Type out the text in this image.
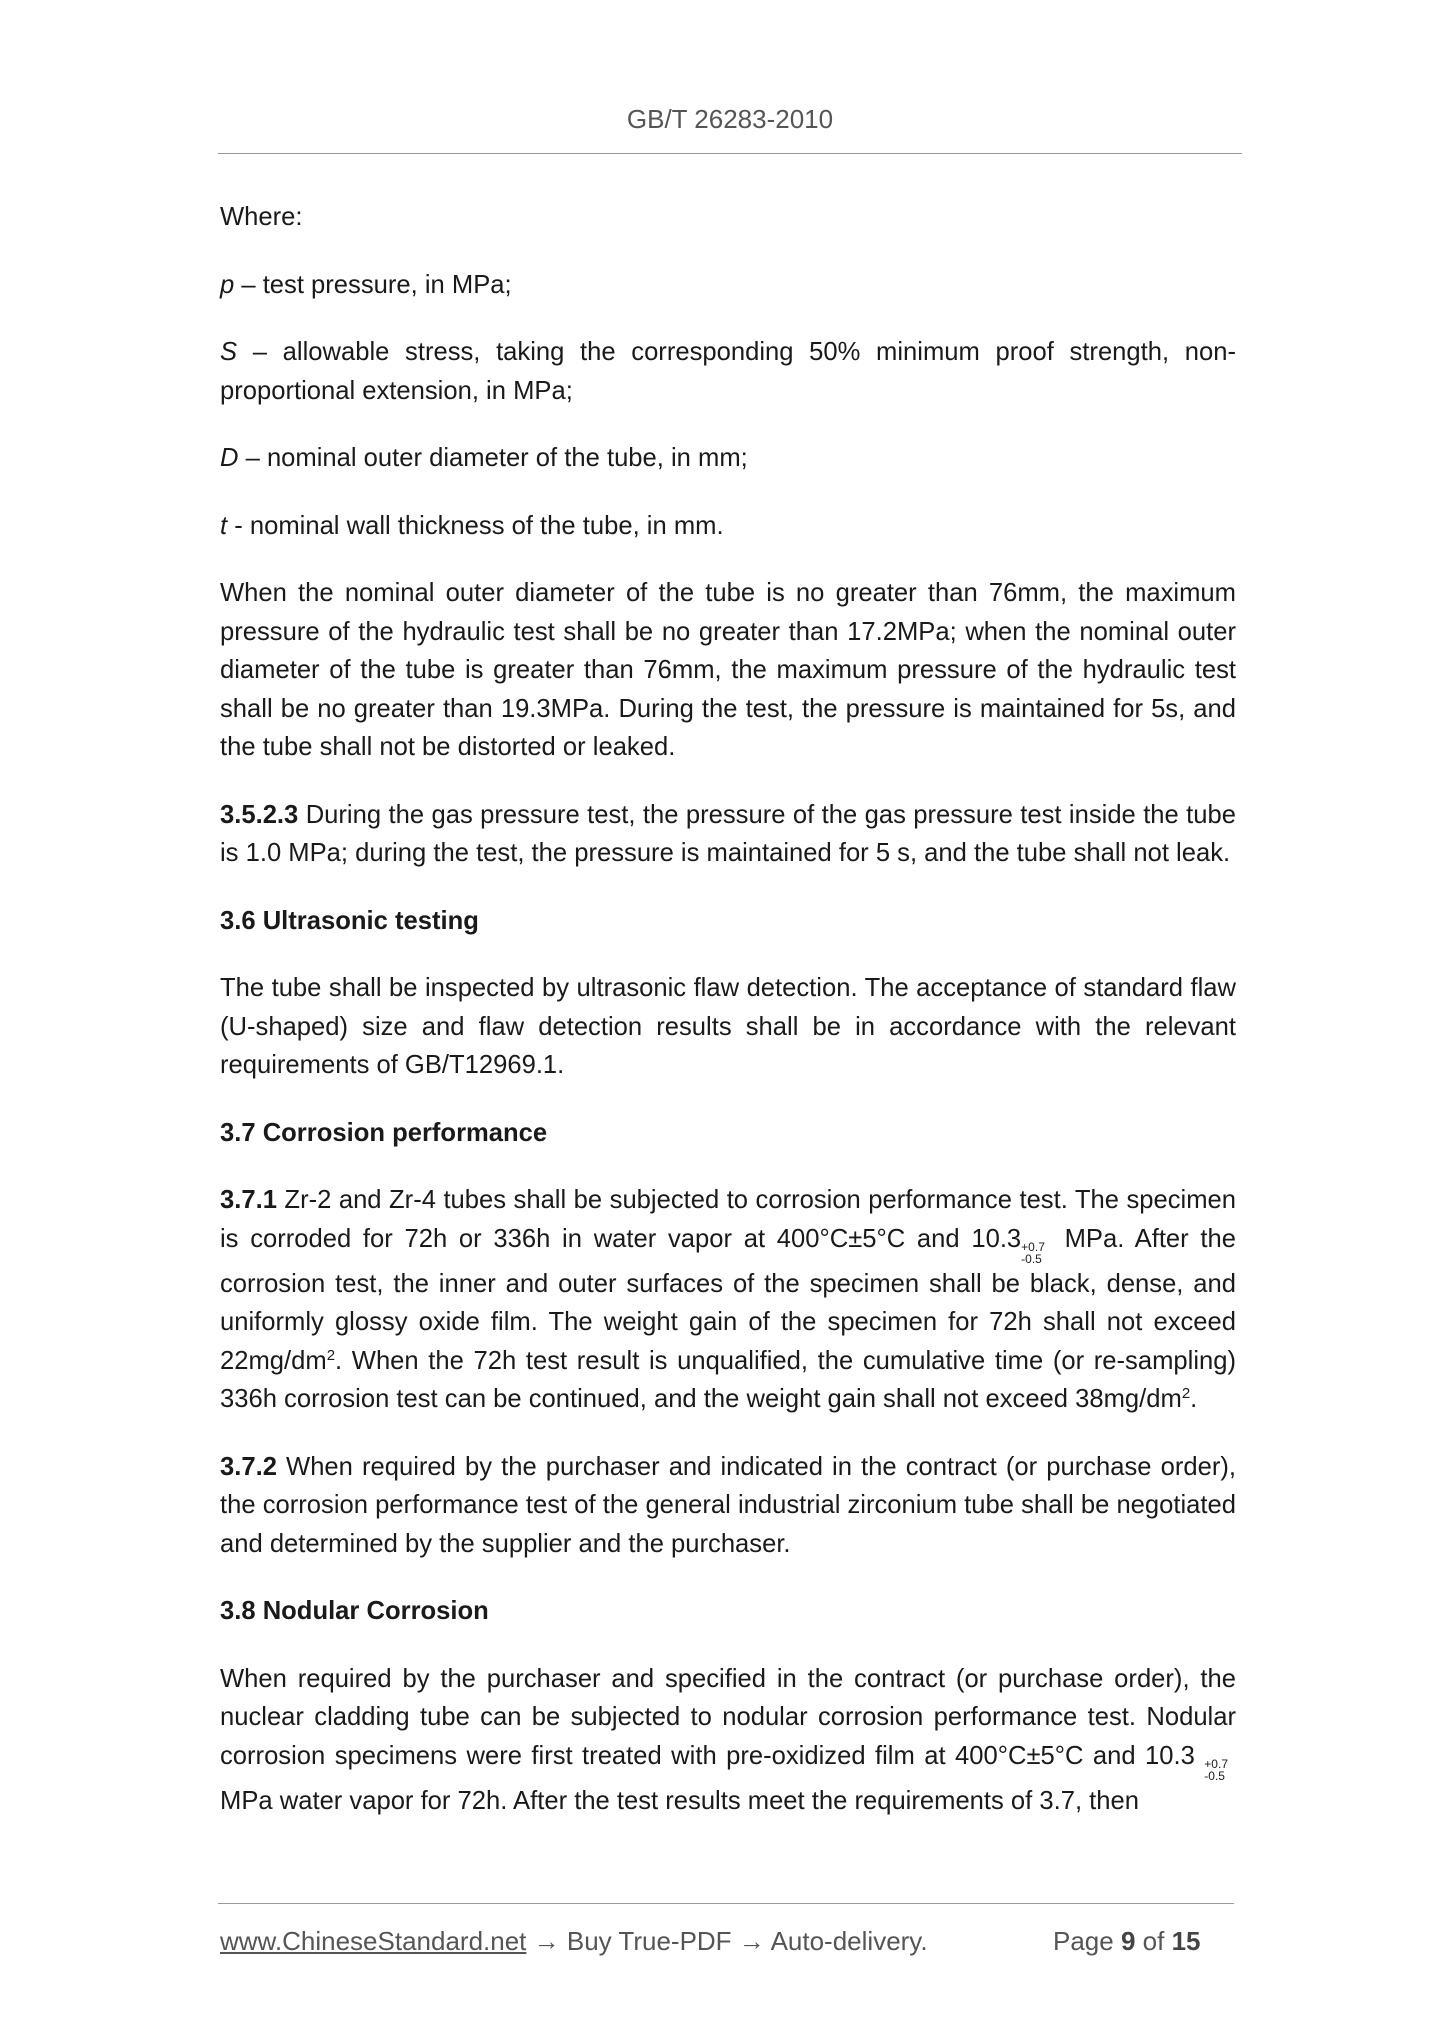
GB/T 26283-2010

Where:

p – test pressure, in MPa;

S – allowable stress, taking the corresponding 50% minimum proof strength, non-proportional extension, in MPa;

D – nominal outer diameter of the tube, in mm;

t - nominal wall thickness of the tube, in mm.

When the nominal outer diameter of the tube is no greater than 76mm, the maximum pressure of the hydraulic test shall be no greater than 17.2MPa; when the nominal outer diameter of the tube is greater than 76mm, the maximum pressure of the hydraulic test shall be no greater than 19.3MPa. During the test, the pressure is maintained for 5s, and the tube shall not be distorted or leaked.

3.5.2.3 During the gas pressure test, the pressure of the gas pressure test inside the tube is 1.0 MPa; during the test, the pressure is maintained for 5 s, and the tube shall not leak.

3.6 Ultrasonic testing

The tube shall be inspected by ultrasonic flaw detection. The acceptance of standard flaw (U-shaped) size and flaw detection results shall be in accordance with the relevant requirements of GB/T12969.1.

3.7 Corrosion performance

3.7.1 Zr-2 and Zr-4 tubes shall be subjected to corrosion performance test. The specimen is corroded for 72h or 336h in water vapor at 400°C±5°C and 10.3 +0.7
-0.5
MPa. After the corrosion test, the inner and outer surfaces of the specimen shall be black, dense, and uniformly glossy oxide film. The weight gain of the specimen for 72h shall not exceed $22mg/dm^2$. When the 72h test result is unqualified, the cumulative time (or re-sampling) 336h corrosion test can be continued, and the weight gain shall not exceed $38mg/dm^2$.

3.7.2 When required by the purchaser and indicated in the contract (or purchase order), the corrosion performance test of the general industrial zirconium tube shall be negotiated and determined by the supplier and the purchaser.

3.8 Nodular Corrosion

When required by the purchaser and specified in the contract (or purchase order), the nuclear cladding tube can be subjected to nodular corrosion performance test. Nodular corrosion specimens were first treated with pre-oxidized film at 400°C±5°C and 10.3 +0.7
-0.5
MPa water vapor for 72h. After the test results meet the requirements of 3.7, then

www.ChineseStandard.net → Buy True-PDF → Auto-delivery.	Page 9 of 15
